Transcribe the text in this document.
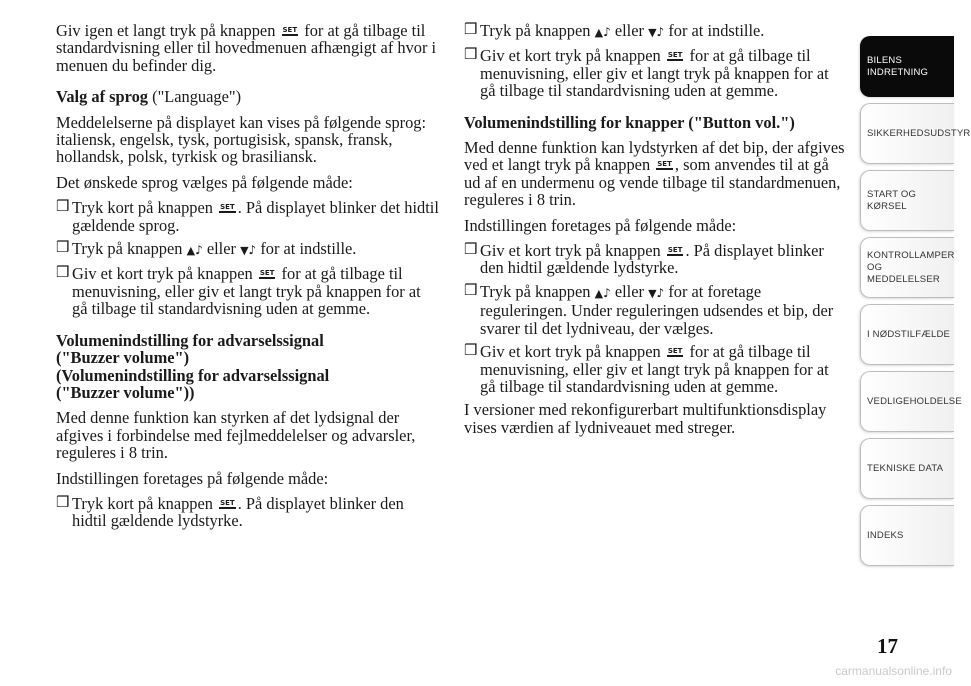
Giv igen et langt tryk på knappen SET for at gå tilbage til standardvisning eller til hovedmenuen afhængigt af hvor i menuen du befinder dig.

Valg af sprog ("Language")

Meddelelserne på displayet kan vises på følgende sprog: italiensk, engelsk, tysk, portugisisk, spansk, fransk, hollandsk, polsk, tyrkisk og brasiliansk.

Det ønskede sprog vælges på følgende måde:

❒ Tryk kort på knappen SET . På displayet blinker det hidtil gældende sprog.
❒ Tryk på knappen ▲♪ eller ▼♪ for at indstille.
❒ Giv et kort tryk på knappen SET for at gå tilbage til menuvisning, eller giv et langt tryk på knappen for at gå tilbage til standardvisning uden at gemme.
Volumenindstilling for advarselssignal
("Buzzer volume")
(Volumenindstilling for advarselssignal
("Buzzer volume"))

Med denne funktion kan styrken af det lydsignal der afgives i forbindelse med fejlmeddelelser og advarsler, reguleres i 8 trin.

Indstillingen foretages på følgende måde:

❒ Tryk kort på knappen SET . På displayet blinker den hidtil gældende lydstyrke.
❒ Tryk på knappen ▲♪ eller ▼♪ for at indstille.
❒ Giv et kort tryk på knappen SET for at gå tilbage til menuvisning, eller giv et langt tryk på knappen for at gå tilbage til standardvisning uden at gemme.
Volumenindstilling for knapper ("Button vol.")

Med denne funktion kan lydstyrken af det bip, der afgives ved et langt tryk på knappen SET , som anvendes til at gå ud af en undermenu og vende tilbage til standardmenuen, reguleres i 8 trin.

Indstillingen foretages på følgende måde:

❒ Giv et kort tryk på knappen SET . På displayet blinker den hidtil gældende lydstyrke.
❒ Tryk på knappen ▲♪ eller ▼♪ for at foretage reguleringen. Under reguleringen udsendes et bip, der svarer til det lydniveau, der vælges.
❒ Giv et kort tryk på knappen SET for at gå tilbage til menuvisning, eller giv et langt tryk på knappen for at gå tilbage til standardvisning uden at gemme.

I versioner med rekonfigurerbart multifunktionsdisplay vises værdien af lydniveauet med streger.

BILENS
INDRETNING
SIKKERHEDSUDSTYR
START OG KØRSEL
KONTROLLAMPER
OG MEDDELELSER
I NØDSTILFÆLDE
VEDLIGEHOLDELSE
TEKNISKE DATA
INDEKS
17
carmanualsonline.info
